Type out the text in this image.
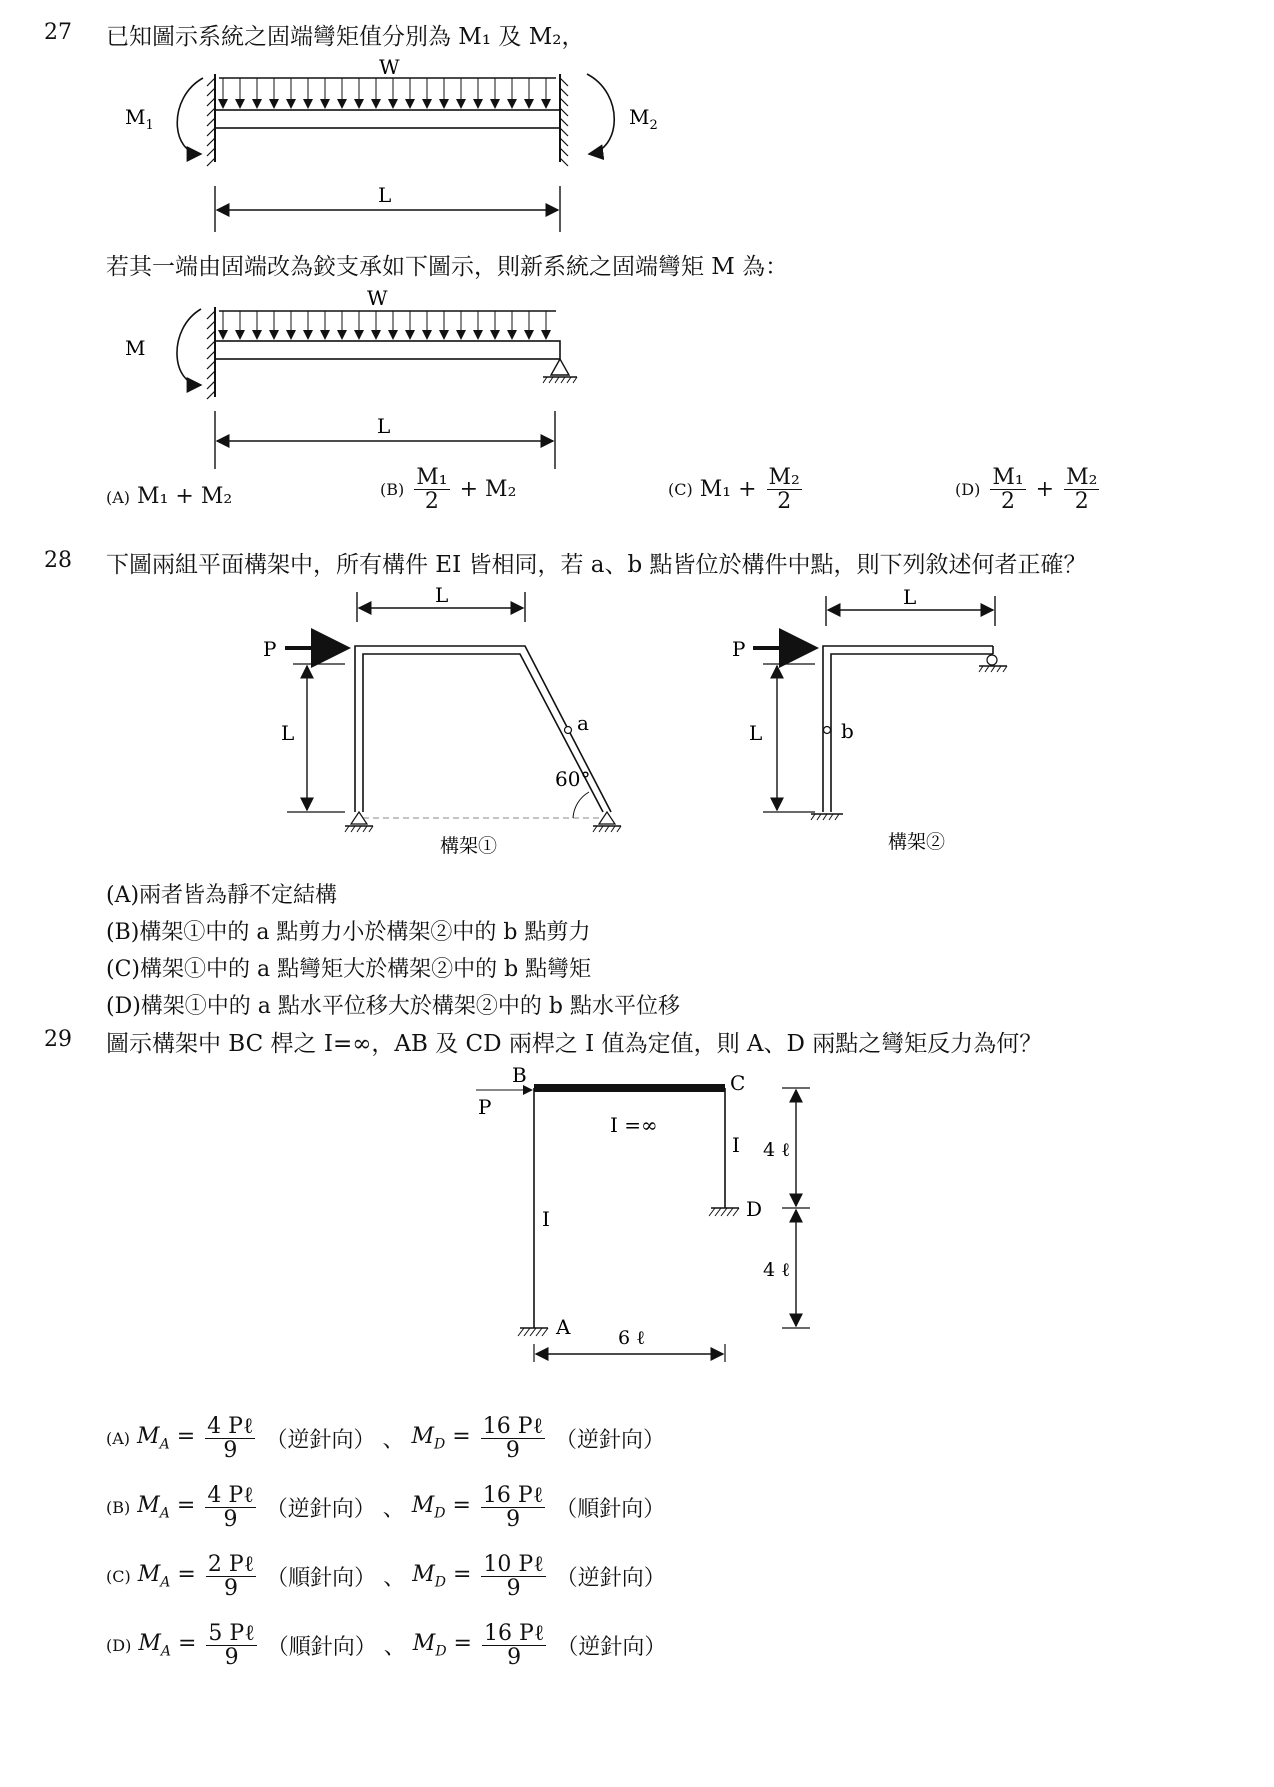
27 已知圖示系統之固端彎矩值分別為 M₁ 及 M₂，
W
$M_1$	$M_2$
L
若其一端由固端改為鉸支承如下圖示，則新系統之固端彎矩 M 為：
W
M
L
(A) M₁ + M₂	$(B) \frac{\text{M₁}}{2} + M_2$	(C) $M_1 + \frac{\text{M₂}}{2}$	$(D) \frac{\text{M₁}}{2} + \frac{\text{M₂}}{2}$
28 下圖兩組平面構架中，所有構件 EI 皆相同，若 a、b 點皆位於構件中點，則下列敘述何者正確？
L
P
L	a
60°
構架①
L
P
L	b
構架②
(A)兩者皆為靜不定結構
(B)構架①中的 a 點剪力小於構架②中的 b 點剪力
(C)構架①中的 a 點彎矩大於構架②中的 b 點彎矩
(D)構架①中的 a 點水平位移大於構架②中的 b 點水平位移
29 圖示構架中 BC 桿之 I=∞，AB 及 CD 兩桿之 I 值為定值，則 A、D 兩點之彎矩反力為何？
P
B	C
I =∞
I
I	D
A
4 ℓ
4 ℓ
6 ℓ
(A) $M_A = \frac{\text{4 Pℓ}}{9}$ （逆針向） 、 $M_D = \frac{\text{16 Pℓ}}{9}$ （逆針向）
(B) $M_A = \frac{\text{4 Pℓ}}{9}$ （逆針向） 、 $M_D = \frac{\text{16 Pℓ}}{9}$ （順針向）
(C) $M_A = \frac{\text{2 Pℓ}}{9}$ （順針向） 、 $M_D = \frac{\text{10 Pℓ}}{9}$ （逆針向）
(D) $M_A = \frac{\text{5 Pℓ}}{9}$ （順針向） 、 $M_D = \frac{\text{16 Pℓ}}{9}$ （逆針向）
